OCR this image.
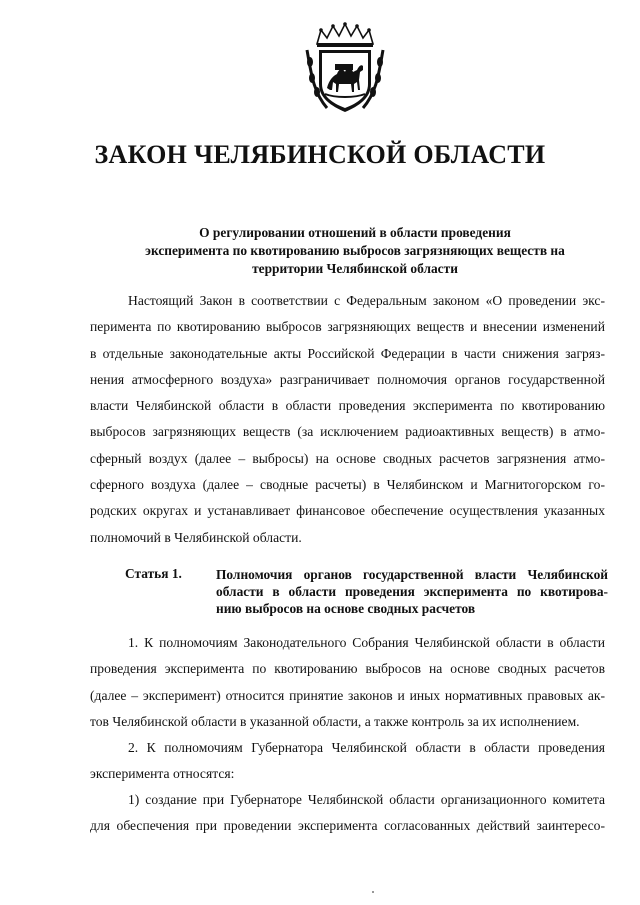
ЗАКОН ЧЕЛЯБИНСКОЙ ОБЛАСТИ
О регулировании отношений в области проведения
эксперимента по квотированию выбросов загрязняющих веществ на
территории Челябинской области
Настоящий Закон в соответствии с Федеральным законом «О проведении экс-
перимента по квотированию выбросов загрязняющих веществ и внесении изменений
в отдельные законодательные акты Российской Федерации в части снижения загряз-
нения атмосферного воздуха» разграничивает полномочия органов государственной
власти Челябинской области в области проведения эксперимента по квотированию
выбросов загрязняющих веществ (за исключением радиоактивных веществ) в атмо-
сферный воздух (далее – выбросы) на основе сводных расчетов загрязнения атмо-
сферного воздуха (далее – сводные расчеты) в Челябинском и Магнитогорском го-
родских округах и устанавливает финансовое обеспечение осуществления указанных
полномочий в Челябинской области.
Статья 1.	Полномочия органов государственной власти Челябинской
области в области проведения эксперимента по квотирова-
нию выбросов на основе сводных расчетов
1. К полномочиям Законодательного Собрания Челябинской области в области
проведения эксперимента по квотированию выбросов на основе сводных расчетов
(далее – эксперимент) относится принятие законов и иных нормативных правовых ак-
тов Челябинской области в указанной области, а также контроль за их исполнением.
2. К полномочиям Губернатора Челябинской области в области проведения
эксперимента относятся:
1) создание при Губернаторе Челябинской области организационного комитета
для обеспечения при проведении эксперимента согласованных действий заинтересо-
